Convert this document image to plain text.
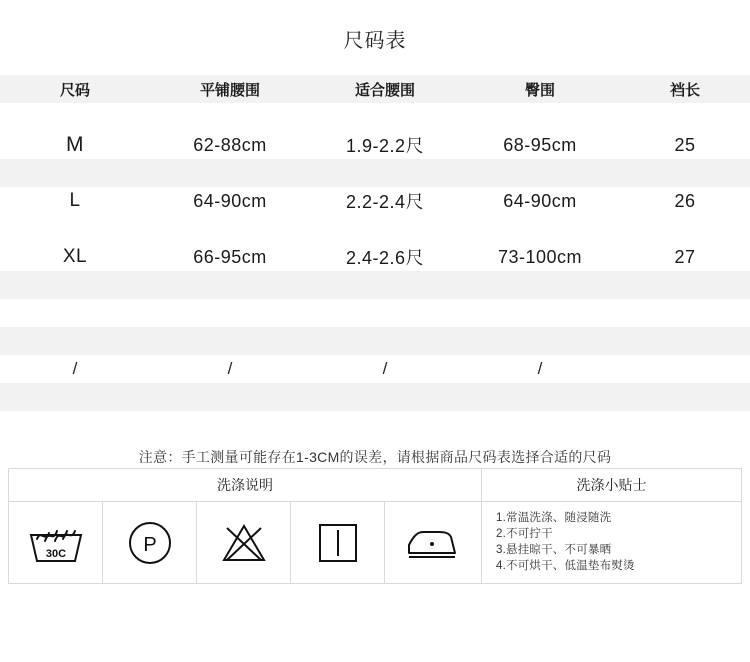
尺码表
尺码	平铺腰围	适合腰围	臀围	裆长

M	62-88cm	1.9-2.2尺	68-95cm	25

L	64-90cm	2.2-2.4尺	64-90cm	26

XL	66-95cm	2.4-2.6尺	73-100cm	27

/	/	/	/	

注意：手工测量可能存在1-3CM的误差，请根据商品尺码表选择合适的尺码
洗涤说明	洗涤小贴士
30C	P
1.常温洗涤、随浸随洗
2.不可拧干
3.悬挂晾干、不可暴晒
4.不可烘干、低温垫布熨烫
